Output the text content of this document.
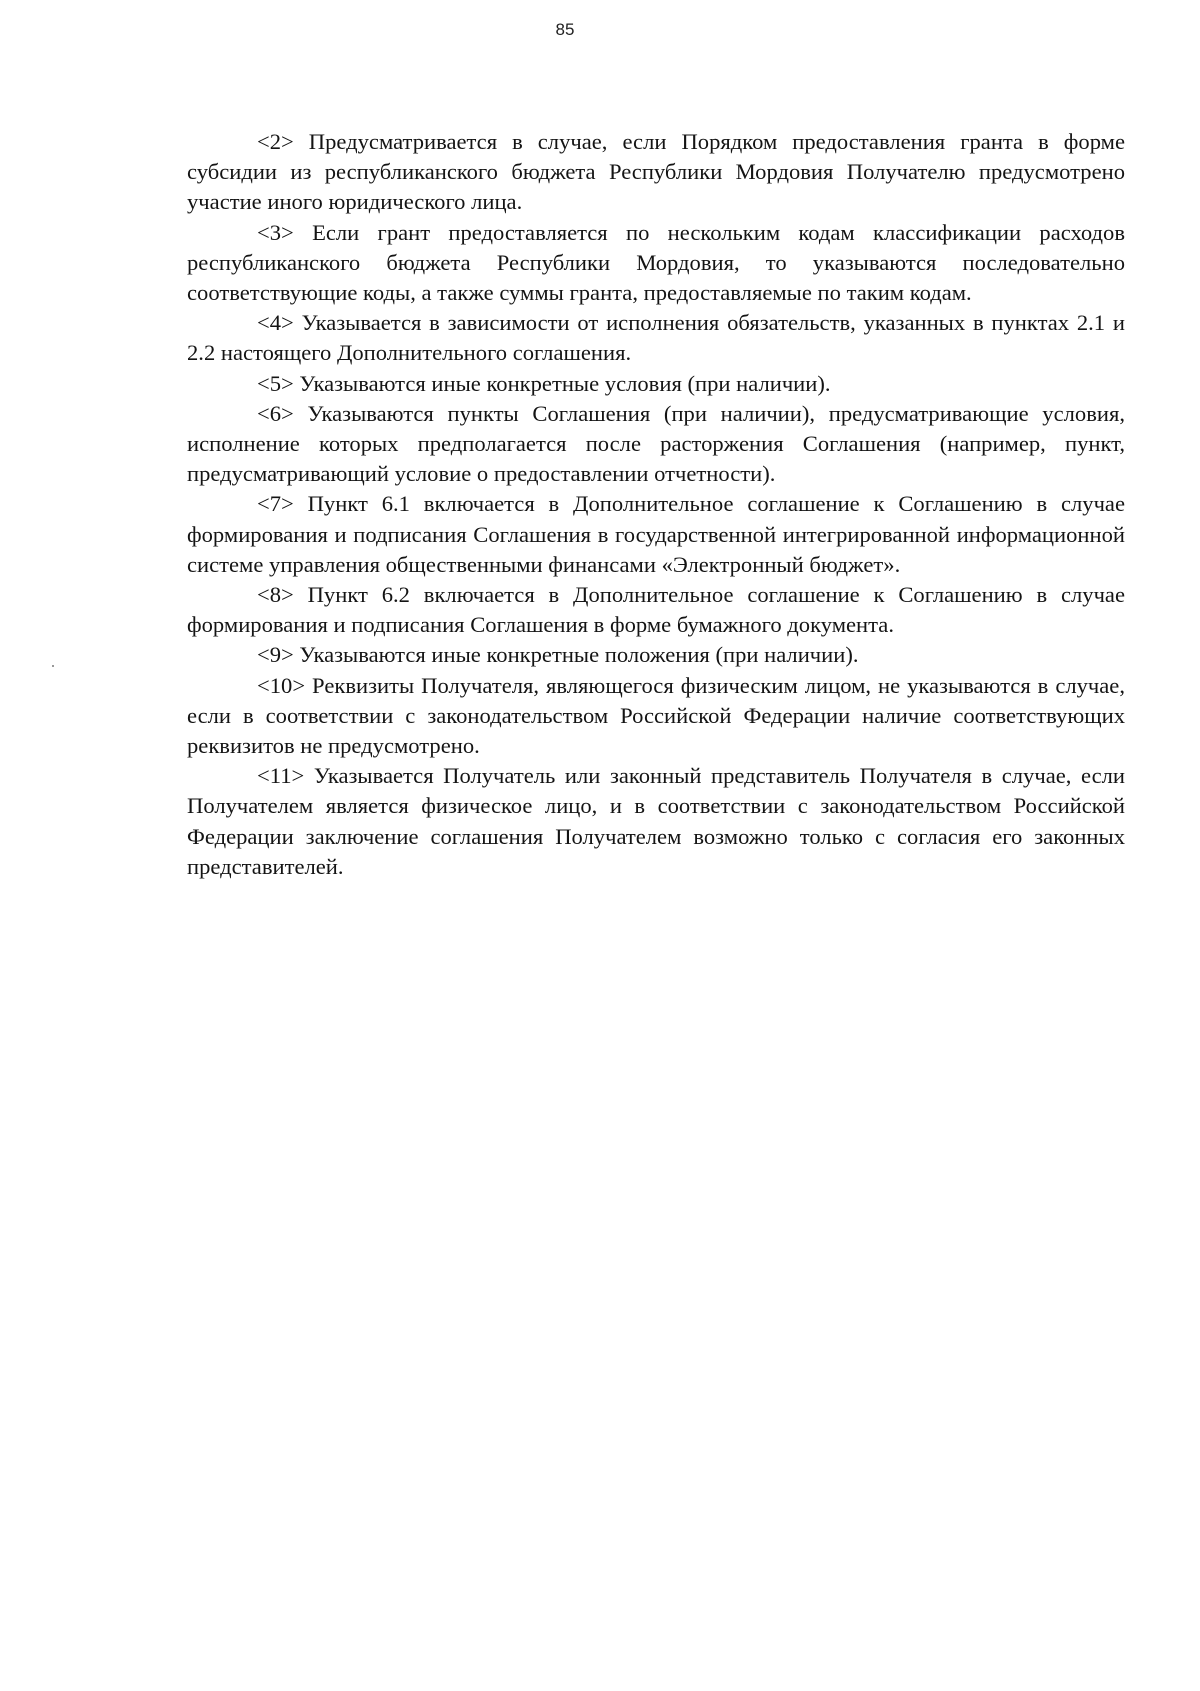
85

<2> Предусматривается в случае, если Порядком предоставления гранта в форме субсидии из республиканского бюджета Республики Мордовия Получателю предусмотрено участие иного юридического лица.

<3> Если грант предоставляется по нескольким кодам классификации расходов республиканского бюджета Республики Мордовия, то указываются последовательно соответствующие коды, а также суммы гранта, предоставляемые по таким кодам.

<4> Указывается в зависимости от исполнения обязательств, указанных в пунктах 2.1 и 2.2 настоящего Дополнительного соглашения.

<5> Указываются иные конкретные условия (при наличии).

<6> Указываются пункты Соглашения (при наличии), предусматривающие условия, исполнение которых предполагается после расторжения Соглашения (например, пункт, предусматривающий условие о предоставлении отчетности).

<7> Пункт 6.1 включается в Дополнительное соглашение к Соглашению в случае формирования и подписания Соглашения в государственной интегрированной информационной системе управления общественными финансами «Электронный бюджет».

<8> Пункт 6.2 включается в Дополнительное соглашение к Соглашению в случае формирования и подписания Соглашения в форме бумажного документа.

<9> Указываются иные конкретные положения (при наличии).

<10> Реквизиты Получателя, являющегося физическим лицом, не указываются в случае, если в соответствии с законодательством Российской Федерации наличие соответствующих реквизитов не предусмотрено.

<11> Указывается Получатель или законный представитель Получателя в случае, если Получателем является физическое лицо, и в соответствии с законодательством Российской Федерации заключение соглашения Получателем возможно только с согласия его законных представителей.
